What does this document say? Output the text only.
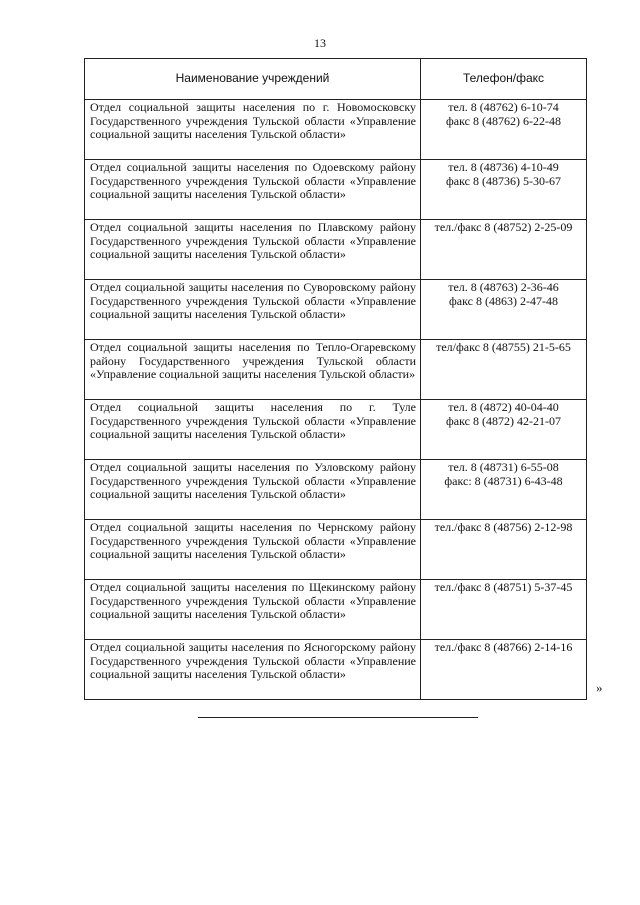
13
Наименование учреждений	Телефон/факс
Отдел социальной защиты населения по г. Новомосковску Государственного учреждения Тульской области «Управление социальной защиты населения Тульской области»	тел. 8 (48762) 6-10-74
факс 8 (48762) 6-22-48

Отдел социальной защиты населения по Одоевскому району Государственного учреждения Тульской области «Управление социальной защиты населения Тульской области»	тел. 8 (48736) 4-10-49
факс 8 (48736) 5-30-67

Отдел социальной защиты населения по Плавскому району Государственного учреждения Тульской области «Управление социальной защиты населения Тульской области»	тел./факс 8 (48752) 2-25-09

Отдел социальной защиты населения по Суворовскому району Государственного учреждения Тульской области «Управление социальной защиты населения Тульской области»	тел. 8 (48763) 2-36-46
факс 8 (4863) 2-47-48

Отдел социальной защиты населения по Тепло-Огаревскому району Государственного учреждения Тульской области «Управление социальной защиты населения Тульской области»	тел/факс 8 (48755) 21-5-65

Отдел социальной защиты населения по г. Туле Государственного учреждения Тульской области «Управление социальной защиты населения Тульской области»	тел. 8 (4872) 40-04-40
факс 8 (4872) 42-21-07

Отдел социальной защиты населения по Узловскому району Государственного учреждения Тульской области «Управление социальной защиты населения Тульской области»	тел. 8 (48731) 6-55-08
факс: 8 (48731) 6-43-48

Отдел социальной защиты населения по Чернскому району Государственного учреждения Тульской области «Управление социальной защиты населения Тульской области»	тел./факс 8 (48756) 2-12-98

Отдел социальной защиты населения по Щекинскому району Государственного учреждения Тульской области «Управление социальной защиты населения Тульской области»	тел./факс 8 (48751) 5-37-45

Отдел социальной защиты населения по Ясногорскому району Государственного учреждения Тульской области «Управление социальной защиты населения Тульской области»	тел./факс 8 (48766) 2-14-16
»
